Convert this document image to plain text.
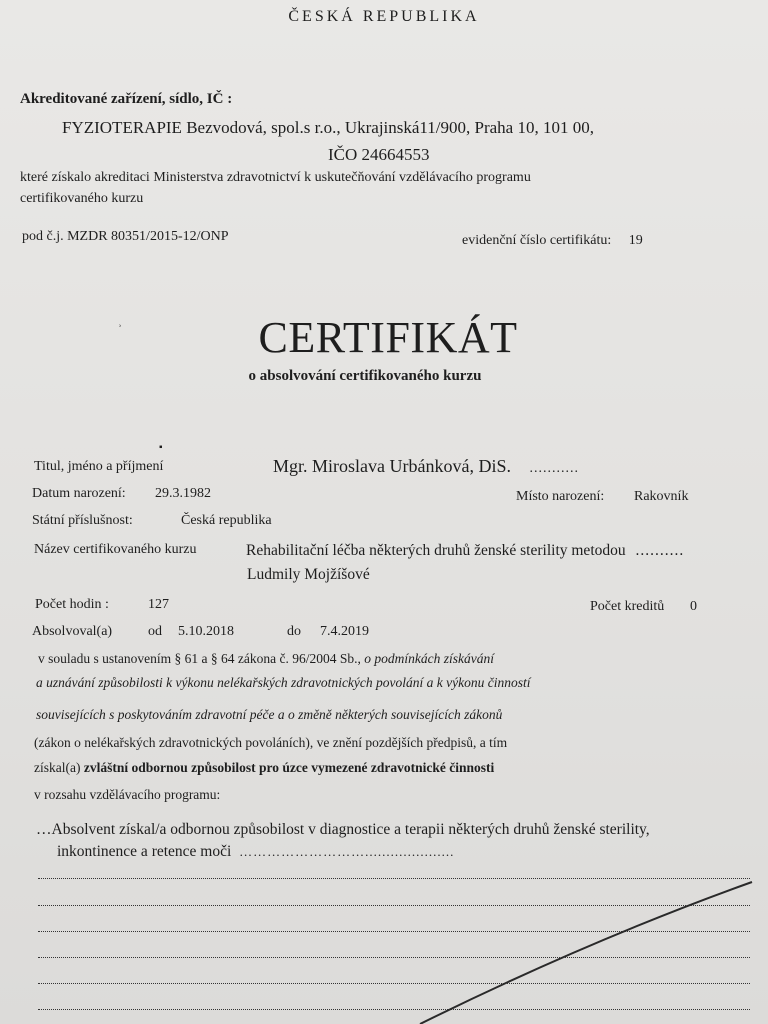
ČESKÁ REPUBLIKA
Akreditované zařízení, sídlo, IČ :
FYZIOTERAPIE Bezvodová, spol.s r.o., Ukrajinská11/900, Praha 10, 101 00,
IČO 24664553
které získalo akreditaci Ministerstva zdravotnictví k uskutečňování vzdělávacího programu
certifikovaného kurzu
pod č.j. MZDR 80351/2015-12/ONP	evidenční číslo certifikátu: 19
ʾ	CERTIFIKÁT
o absolvování certifikovaného kurzu
▪
Titul, jméno a příjmení	Mgr. Miroslava Urbánková, DiS. ...........
Datum narození: 29.3.1982	Místo narození: Rakovník
Státní příslušnost:	Česká republika
Název certifikovaného kurzu	Rehabilitační léčba některých druhů ženské sterility metodou ..........
Ludmily Mojžíšové
Počet hodin :	127	Počet kreditů 0
Absolvoval(a)	od 5.10.2018	do 7.4.2019
v souladu s ustanovením § 61 a § 64 zákona č. 96/2004 Sb., o podmínkách získávání
a uznávání způsobilosti k výkonu nelékařských zdravotnických povolání a k výkonu činností
souvisejících s poskytováním zdravotní péče a o změně některých souvisejících zákonů
(zákon o nelékařských zdravotnických povoláních), ve znění pozdějších předpisů, a tím
získal(a) zvláštní odbornou způsobilost pro úzce vymezené zdravotnické činnosti
v rozsahu vzdělávacího programu:
…Absolvent získal/a odbornou způsobilost v diagnostice a terapii některých druhů ženské sterility,
inkontinence a retence moči ……………………….....................
